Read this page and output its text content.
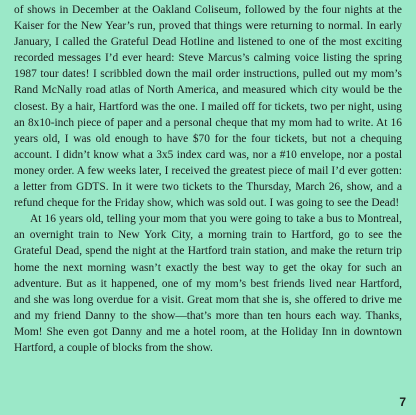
of shows in December at the Oakland Coliseum, followed by the four nights at the Kaiser for the New Year’s run, proved that things were returning to normal. In early January, I called the Grateful Dead Hotline and listened to one of the most exciting recorded messages I’d ever heard: Steve Marcus’s calming voice listing the spring 1987 tour dates! I scribbled down the mail order instructions, pulled out my mom’s Rand McNally road atlas of North America, and measured which city would be the closest. By a hair, Hartford was the one. I mailed off for tickets, two per night, using an 8x10-inch piece of paper and a personal cheque that my mom had to write. At 16 years old, I was old enough to have $70 for the four tickets, but not a chequing account. I didn’t know what a 3x5 index card was, nor a #10 envelope, nor a postal money order. A few weeks later, I received the greatest piece of mail I’d ever gotten: a letter from GDTS. In it were two tickets to the Thursday, March 26, show, and a refund cheque for the Friday show, which was sold out. I was going to see the Dead!

At 16 years old, telling your mom that you were going to take a bus to Montreal, an overnight train to New York City, a morning train to Hartford, go to see the Grateful Dead, spend the night at the Hartford train station, and make the return trip home the next morning wasn’t exactly the best way to get the okay for such an adventure. But as it happened, one of my mom’s best friends lived near Hartford, and she was long overdue for a visit. Great mom that she is, she offered to drive me and my friend Danny to the show—that’s more than ten hours each way. Thanks, Mom! She even got Danny and me a hotel room, at the Holiday Inn in downtown Hartford, a couple of blocks from the show.

7
